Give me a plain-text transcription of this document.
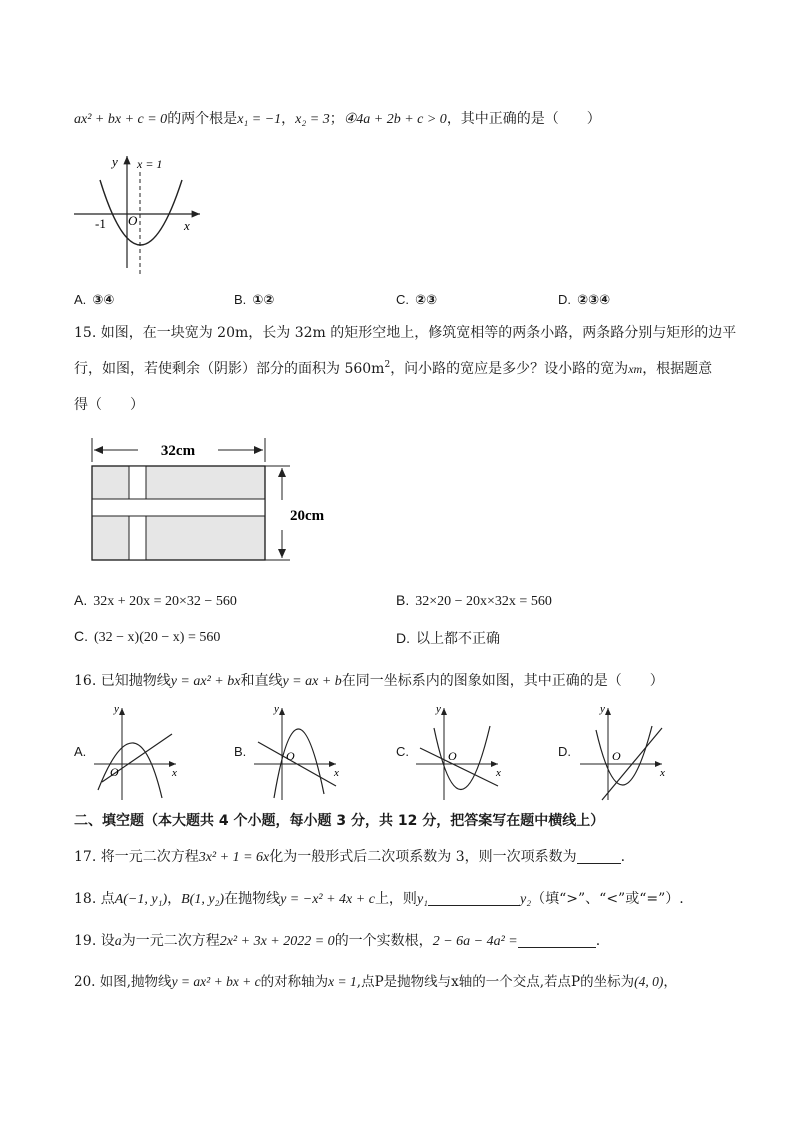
ax² + bx + c = 0的两个根是x₁ = −1，x₂ = 3；④4a + 2b + c > 0，其中正确的是（　　）
y
x
x = 1
-1 O
A. ③④	B. ①②	C. ②③	D. ②③④
15. 如图，在一块宽为 20m，长为 32m 的矩形空地上，修筑宽相等的两条小路，两条路分别与矩形的边平
行，如图，若使剩余（阴影）部分的面积为 $560m^2$，问小路的宽应是多少？设小路的宽为xm，根据题意
得（　　）
32cm
20cm
A. 32x + 20x = 20×32 − 560	B. 32×20 − 20x×32x = 560
C. (32 − x)(20 − x) = 560	D. 以上都不正确
16. 已知抛物线y = ax² + bx和直线y = ax + b在同一坐标系内的图象如图，其中正确的是（　　）
A.
y
x
O
B.
y
x
O	C.
y
x
O	D.
y
x
O
二、填空题（本大题共 4 个小题，每小题 3 分，共 12 分，把答案写在题中横线上）
17. 将一元二次方程3x² + 1 = 6x化为一般形式后二次项系数为 3，则一次项系数为	.
18. 点A(−1, y₁)，B(1, y₂)在抛物线y = −x² + 4x + c上，则y₁	y₂（填“>”、“<”或“=”）.
19. 设a为一元二次方程2x² + 3x + 2022 = 0的一个实数根，2 − 6a − 4a² =	.
20. 如图,抛物线y = ax² + bx + c的对称轴为x = 1,点P是抛物线与x轴的一个交点,若点P的坐标为(4, 0)，
